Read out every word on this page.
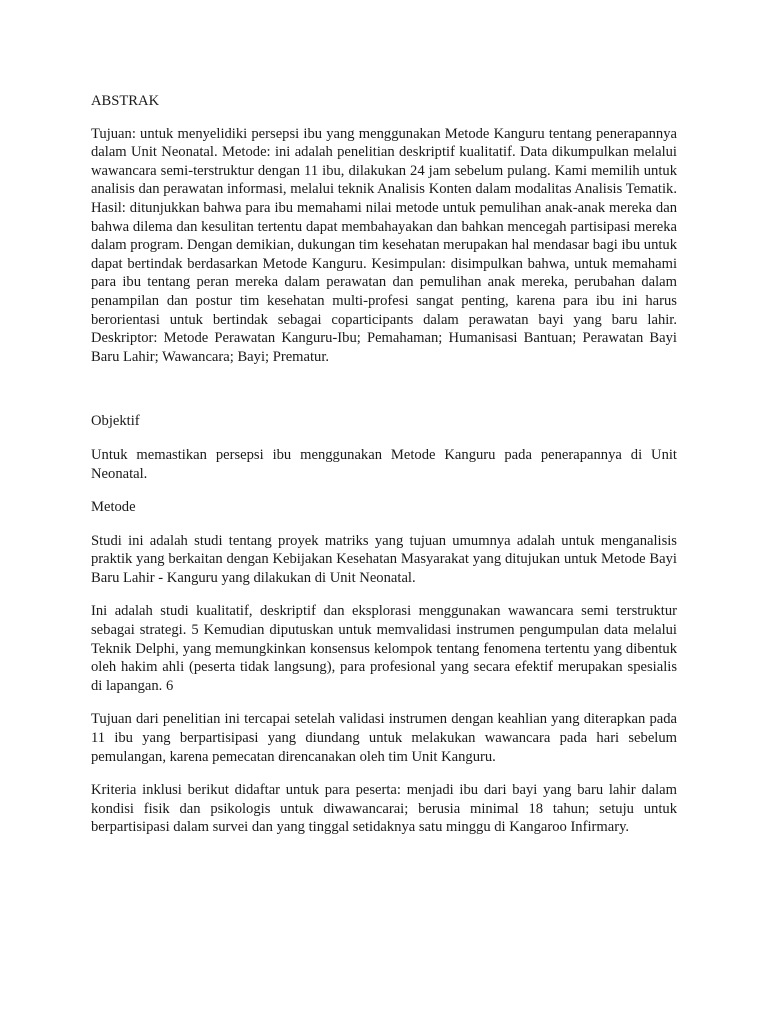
ABSTRAK

Tujuan: untuk menyelidiki persepsi ibu yang menggunakan Metode Kanguru tentang penerapannya dalam Unit Neonatal. Metode: ini adalah penelitian deskriptif kualitatif. Data dikumpulkan melalui wawancara semi-terstruktur dengan 11 ibu, dilakukan 24 jam sebelum pulang. Kami memilih untuk analisis dan perawatan informasi, melalui teknik Analisis Konten dalam modalitas Analisis Tematik. Hasil: ditunjukkan bahwa para ibu memahami nilai metode untuk pemulihan anak-anak mereka dan bahwa dilema dan kesulitan tertentu dapat membahayakan dan bahkan mencegah partisipasi mereka dalam program. Dengan demikian, dukungan tim kesehatan merupakan hal mendasar bagi ibu untuk dapat bertindak berdasarkan Metode Kanguru. Kesimpulan: disimpulkan bahwa, untuk memahami para ibu tentang peran mereka dalam perawatan dan pemulihan anak mereka, perubahan dalam penampilan dan postur tim kesehatan multi-profesi sangat penting, karena para ibu ini harus berorientasi untuk bertindak sebagai coparticipants dalam perawatan bayi yang baru lahir. Deskriptor: Metode Perawatan Kanguru-Ibu; Pemahaman; Humanisasi Bantuan; Perawatan Bayi Baru Lahir; Wawancara; Bayi; Prematur.

Objektif

Untuk memastikan persepsi ibu menggunakan Metode Kanguru pada penerapannya di Unit Neonatal.

Metode

Studi ini adalah studi tentang proyek matriks yang tujuan umumnya adalah untuk menganalisis praktik yang berkaitan dengan Kebijakan Kesehatan Masyarakat yang ditujukan untuk Metode Bayi Baru Lahir - Kanguru yang dilakukan di Unit Neonatal.

Ini adalah studi kualitatif, deskriptif dan eksplorasi menggunakan wawancara semi terstruktur sebagai strategi. 5 Kemudian diputuskan untuk memvalidasi instrumen pengumpulan data melalui Teknik Delphi, yang memungkinkan konsensus kelompok tentang fenomena tertentu yang dibentuk oleh hakim ahli (peserta tidak langsung), para profesional yang secara efektif merupakan spesialis di lapangan. 6

Tujuan dari penelitian ini tercapai setelah validasi instrumen dengan keahlian yang diterapkan pada 11 ibu yang berpartisipasi yang diundang untuk melakukan wawancara pada hari sebelum pemulangan, karena pemecatan direncanakan oleh tim Unit Kanguru.

Kriteria inklusi berikut didaftar untuk para peserta: menjadi ibu dari bayi yang baru lahir dalam kondisi fisik dan psikologis untuk diwawancarai; berusia minimal 18 tahun; setuju untuk berpartisipasi dalam survei dan yang tinggal setidaknya satu minggu di Kangaroo Infirmary.
